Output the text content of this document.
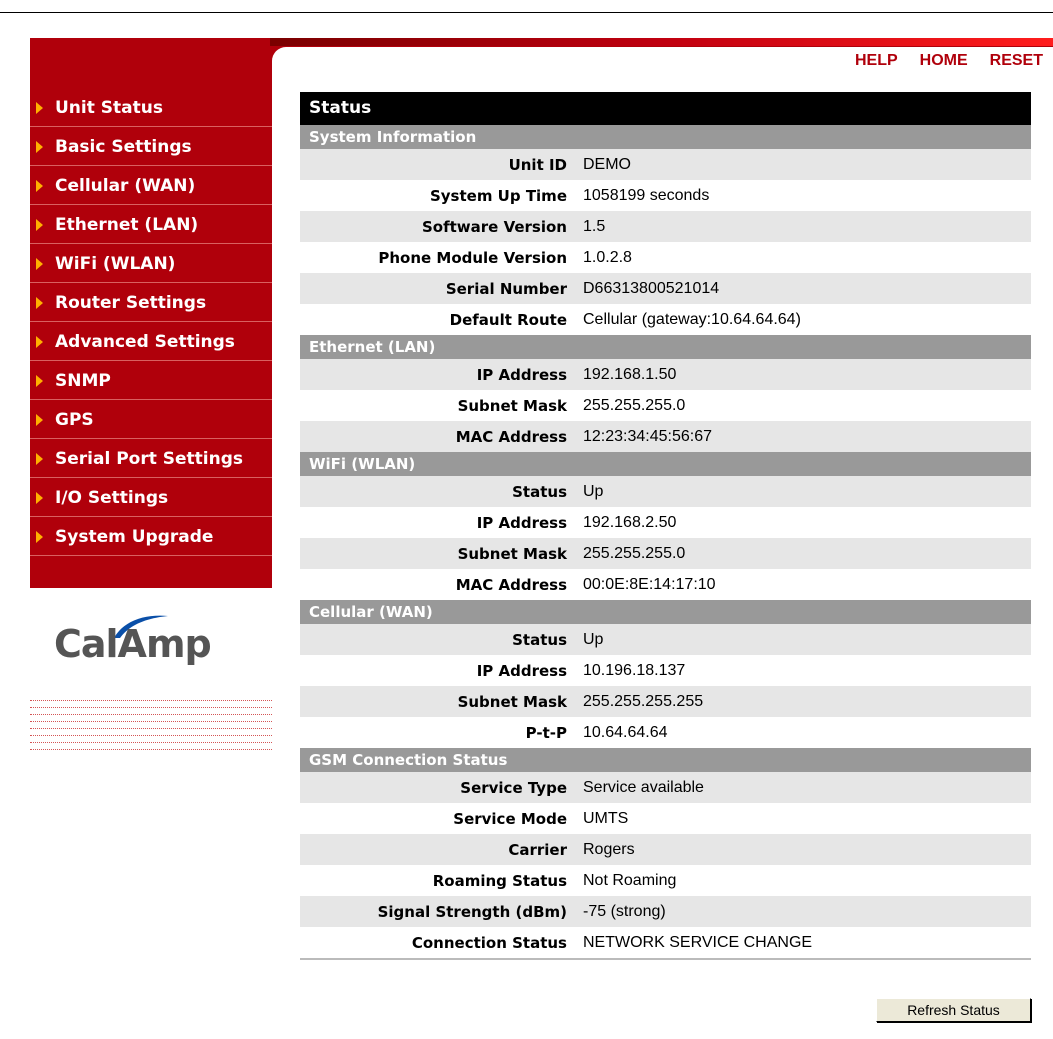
HELP HOME RESET
Unit Status
Basic Settings
Cellular (WAN)
Ethernet (LAN)
WiFi (WLAN)
Router Settings
Advanced Settings
SNMP
GPS
Serial Port Settings
I/O Settings
System Upgrade
CalAmp
Status
System Information
Unit ID	DEMO
System Up Time	1058199 seconds
Software Version	1.5
Phone Module Version	1.0.2.8
Serial Number	D66313800521014
Default Route	Cellular (gateway:10.64.64.64)
Ethernet (LAN)
IP Address	192.168.1.50
Subnet Mask	255.255.255.0
MAC Address	12:23:34:45:56:67
WiFi (WLAN)
Status	Up
IP Address	192.168.2.50
Subnet Mask	255.255.255.0
MAC Address	00:0E:8E:14:17:10
Cellular (WAN)
Status	Up
IP Address	10.196.18.137
Subnet Mask	255.255.255.255
P-t-P	10.64.64.64
GSM Connection Status
Service Type	Service available
Service Mode	UMTS
Carrier	Rogers
Roaming Status	Not Roaming
Signal Strength (dBm)	-75 (strong)
Connection Status	NETWORK SERVICE CHANGE
Refresh Status
